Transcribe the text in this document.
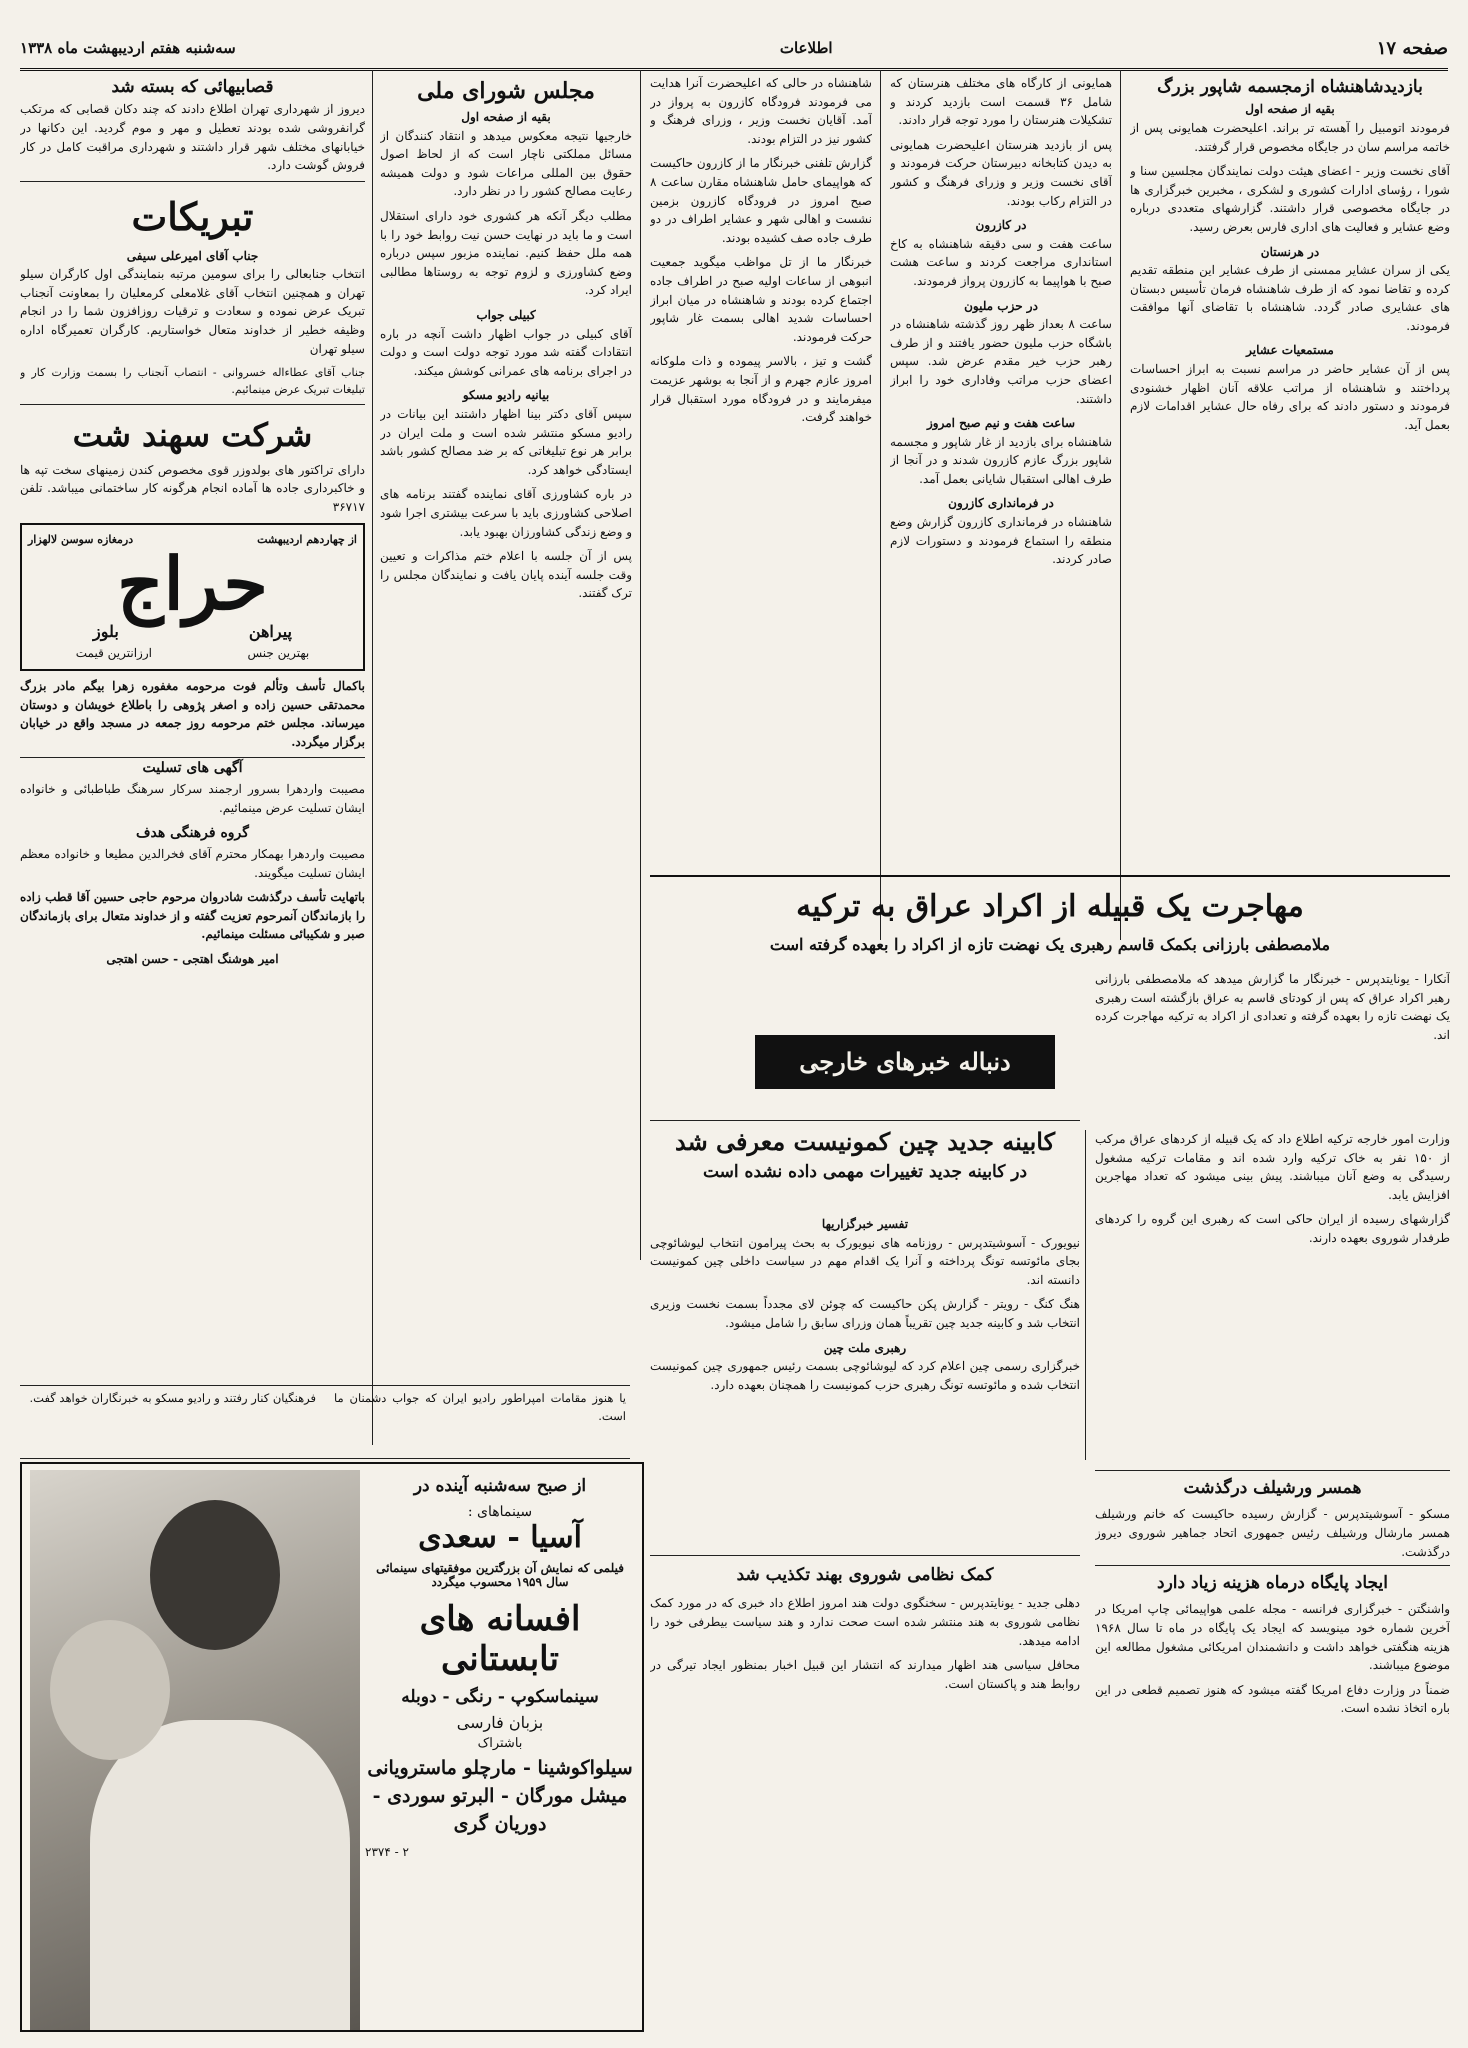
صفحه ۱۷
اطلاعات
سه‌شنبه هفتم اردیبهشت ماه ۱۳۳۸
بازدیدشاهنشاه ازمجسمه شاپور بزرگ
بقیه از صفحه اول

فرمودند اتومبیل را آهسته تر براند. اعلیحضرت همایونی پس از خاتمه مراسم سان در جایگاه مخصوص قرار گرفتند.

آقای نخست وزیر - اعضای هیئت دولت نمایندگان مجلسین سنا و شورا ، رؤسای ادارات کشوری و لشکری ، مخبرین خبرگزاری ها در جایگاه مخصوصی قرار داشتند. گزارشهای متعددی درباره وضع عشایر و فعالیت های اداری فارس بعرض رسید.

در هرنستان

یکی از سران عشایر ممسنی از طرف عشایر این منطقه تقدیم کرده و تقاضا نمود که از طرف شاهنشاه فرمان تأسیس دبستان های عشایری صادر گردد. شاهنشاه با تقاضای آنها موافقت فرمودند.

مستمعیات عشایر

پس از آن عشایر حاضر در مراسم نسبت به ابراز احساسات پرداختند و شاهنشاه از مراتب علاقه آنان اظهار خشنودی فرمودند و دستور دادند که برای رفاه حال عشایر اقدامات لازم بعمل آید.

همایونی از کارگاه های مختلف هنرستان که شامل ۳۶ قسمت است بازدید کردند و تشکیلات هنرستان را مورد توجه قرار دادند.

پس از بازدید هنرستان اعلیحضرت همایونی به دیدن کتابخانه دبیرستان حرکت فرمودند و آقای نخست وزیر و وزرای فرهنگ و کشور در التزام رکاب بودند.

در کازرون

ساعت هفت و سی دقیقه شاهنشاه به کاخ استانداری مراجعت کردند و ساعت هشت صبح با هواپیما به کازرون پرواز فرمودند.

در حزب ملیون

ساعت ۸ بعداز ظهر روز گذشته شاهنشاه در باشگاه حزب ملیون حضور یافتند و از طرف رهبر حزب خیر مقدم عرض شد. سپس اعضای حزب مراتب وفاداری خود را ابراز داشتند.

ساعت هفت و نیم صبح امروز

شاهنشاه برای بازدید از غار شاپور و مجسمه شاپور بزرگ عازم کازرون شدند و در آنجا از طرف اهالی استقبال شایانی بعمل آمد.

در فرمانداری کازرون

شاهنشاه در فرمانداری کازرون گزارش وضع منطقه را استماع فرمودند و دستورات لازم صادر کردند.

شاهنشاه در حالی که اعلیحضرت آنرا هدایت می فرمودند فرودگاه کازرون به پرواز در آمد. آقایان نخست وزیر ، وزرای فرهنگ و کشور نیز در التزام بودند.

گزارش تلفنی خبرنگار ما از کازرون حاکیست که هواپیمای حامل شاهنشاه مقارن ساعت ۸ صبح امروز در فرودگاه کازرون بزمین نشست و اهالی شهر و عشایر اطراف در دو طرف جاده صف کشیده بودند.

خبرنگار ما از تل مواظب میگوید جمعیت انبوهی از ساعات اولیه صبح در اطراف جاده اجتماع کرده بودند و شاهنشاه در میان ابراز احساسات شدید اهالی بسمت غار شاپور حرکت فرمودند.

گشت و تیز ، بالاسر پیموده و ذات ملوکانه امروز عازم جهرم و از آنجا به بوشهر عزیمت میفرمایند و در فرودگاه مورد استقبال قرار خواهند گرفت.

مجلس شورای ملی
بقیه از صفحه اول

خارجیها نتیجه معکوس میدهد و انتقاد کنندگان از مسائل مملکتی ناچار است که از لحاظ اصول حقوق بین المللی مراعات شود و دولت همیشه رعایت مصالح کشور را در نظر دارد.

مطلب دیگر آنکه هر کشوری خود دارای استقلال است و ما باید در نهایت حسن نیت روابط خود را با همه ملل حفظ کنیم. نماینده مزبور سپس درباره وضع کشاورزی و لزوم توجه به روستاها مطالبی ایراد کرد.

کبیلی جواب

آقای کبیلی در جواب اظهار داشت آنچه در باره انتقادات گفته شد مورد توجه دولت است و دولت در اجرای برنامه های عمرانی کوشش میکند.

بیانیه رادیو مسکو

سپس آقای دکتر بینا اظهار داشتند این بیانات در رادیو مسکو منتشر شده است و ملت ایران در برابر هر نوع تبلیغاتی که بر ضد مصالح کشور باشد ایستادگی خواهد کرد.

در باره کشاورزی آقای نماینده گفتند برنامه های اصلاحی کشاورزی باید با سرعت بیشتری اجرا شود و وضع زندگی کشاورزان بهبود یابد.

پس از آن جلسه با اعلام ختم مذاکرات و تعیین وقت جلسه آینده پایان یافت و نمایندگان مجلس را ترک گفتند.

قصابیهائی که بسته شد

دیروز از شهرداری تهران اطلاع دادند که چند دکان قصابی که مرتکب گرانفروشی شده بودند تعطیل و مهر و موم گردید. این دکانها در خیابانهای مختلف شهر قرار داشتند و شهرداری مراقبت کامل در کار فروش گوشت دارد.

تبریکات
جناب آقای امیرعلی سیفی

انتخاب جنابعالی را برای سومین مرتبه بنمایندگی اول کارگران سیلو تهران و همچنین انتخاب آقای غلامعلی کرمعلیان را بمعاونت آنجناب تبریک عرض نموده و سعادت و ترقیات روزافزون شما را در انجام وظیفه خطیر از خداوند متعال خواستاریم. کارگران تعمیرگاه اداره سیلو تهران

جناب آقای عطاءاله خسروانی - انتصاب آنجناب را بسمت وزارت کار و تبلیغات تبریک عرض مینمائیم.

شرکت سهند شت

دارای تراکتور های بولدوزر قوی مخصوص کندن زمینهای سخت تپه ها و خاکبرداری جاده ها آماده انجام هرگونه کار ساختمانی میباشد. تلفن ۳۶۷۱۷

از چهاردهم اردیبهشت
درمغازه سوسن لالهزار
حراج
پیراهن
بلوز
بهترین جنس
ارزانترین قیمت

باکمال تأسف وتألم فوت مرحومه مغفوره زهرا بیگم مادر بزرگ محمدتقی حسین زاده و اصغر پژوهی را باطلاع خویشان و دوستان میرساند. مجلس ختم مرحومه روز جمعه در مسجد واقع در خیابان برگزار میگردد.

آگهی های تسلیت

مصیبت واردهرا بسرور ارجمند سرکار سرهنگ طباطبائی و خانواده ایشان تسلیت عرض مینمائیم.

گروه فرهنگی هدف

مصیبت واردهرا بهمکار محترم آقای فخرالدین مطیعا و خانواده معظم ایشان تسلیت میگویند.

باتهایت تأسف درگذشت شادروان مرحوم حاجی حسین آقا قطب زاده را بازماندگان آنمرحوم تعزیت گفته و از خداوند متعال برای بازماندگان صبر و شکیبائی مسئلت مینمائیم.

امیر هوشنگ اهتجی - حسن اهتجی

یا هنوز مقامات امپراطور رادیو ایران که جواب دشمنان ما است.

فرهنگیان کنار رفتند و رادیو مسکو به خبرنگاران خواهد گفت.

مهاجرت یک قبیله از اکراد عراق به ترکیه
ملامصطفی بارزانی بکمک قاسم رهبری یک نهضت تازه از اکراد را بعهده گرفته است

آنکارا - یونایتدپرس - خبرنگار ما گزارش میدهد که ملامصطفی بارزانی رهبر اکراد عراق که پس از کودتای قاسم به عراق بازگشته است رهبری یک نهضت تازه را بعهده گرفته و تعدادی از اکراد به ترکیه مهاجرت کرده اند.

دنباله خبرهای خارجی

وزارت امور خارجه ترکیه اطلاع داد که یک قبیله از کردهای عراق مرکب از ۱۵۰ نفر به خاک ترکیه وارد شده اند و مقامات ترکیه مشغول رسیدگی به وضع آنان میباشند. پیش بینی میشود که تعداد مهاجرین افزایش یابد.

گزارشهای رسیده از ایران حاکی است که رهبری این گروه را کردهای طرفدار شوروی بعهده دارند.

کابینه جدید چین کمونیست معرفی شد
در کابینه جدید تغییرات مهمی داده نشده است
تفسیر خبرگزاریها

نیویورک - آسوشیتدپرس - روزنامه های نیویورک به بحث پیرامون انتخاب لیوشائوچی بجای مائوتسه تونگ پرداخته و آنرا یک اقدام مهم در سیاست داخلی چین کمونیست دانسته اند.

هنگ کنگ - رویتر - گزارش پکن حاکیست که چوئن لای مجدداً بسمت نخست وزیری انتخاب شد و کابینه جدید چین تقریباً همان وزرای سابق را شامل میشود.

رهبری ملت چین

خبرگزاری رسمی چین اعلام کرد که لیوشائوچی بسمت رئیس جمهوری چین کمونیست انتخاب شده و مائوتسه تونگ رهبری حزب کمونیست را همچنان بعهده دارد.

کمک نظامی شوروی بهند تکذیب شد

دهلی جدید - یونایتدپرس - سخنگوی دولت هند امروز اطلاع داد خبری که در مورد کمک نظامی شوروی به هند منتشر شده است صحت ندارد و هند سیاست بیطرفی خود را ادامه میدهد.

محافل سیاسی هند اظهار میدارند که انتشار این قبیل اخبار بمنظور ایجاد تیرگی در روابط هند و پاکستان است.

همسر ورشیلف درگذشت

مسکو - آسوشیتدپرس - گزارش رسیده حاکیست که خانم ورشیلف همسر مارشال ورشیلف رئیس جمهوری اتحاد جماهیر شوروی دیروز درگذشت.

ایجاد پایگاه درماه هزینه زیاد دارد

واشنگتن - خبرگزاری فرانسه - مجله علمی هواپیمائی چاپ امریکا در آخرین شماره خود مینویسد که ایجاد یک پایگاه در ماه تا سال ۱۹۶۸ هزینه هنگفتی خواهد داشت و دانشمندان امریکائی مشغول مطالعه این موضوع میباشند.

ضمناً در وزارت دفاع امریکا گفته میشود که هنوز تصمیم قطعی در این باره اتخاذ نشده است.

از صبح سه‌شنبه آینده در
سینماهای :
آسیا - سعدی
فیلمی که نمایش آن بزرگترین موفقیتهای سینمائی سال ۱۹۵۹ محسوب میگردد
افسانه های تابستانی
سینماسکوپ - رنگی - دوبله
بزبان فارسی
باشتراک
سیلواکوشینا - مارچلو ماسترویانی
میشل مورگان - البرتو سوردی -
دوریان گری
۲ - ۲۳۷۴
